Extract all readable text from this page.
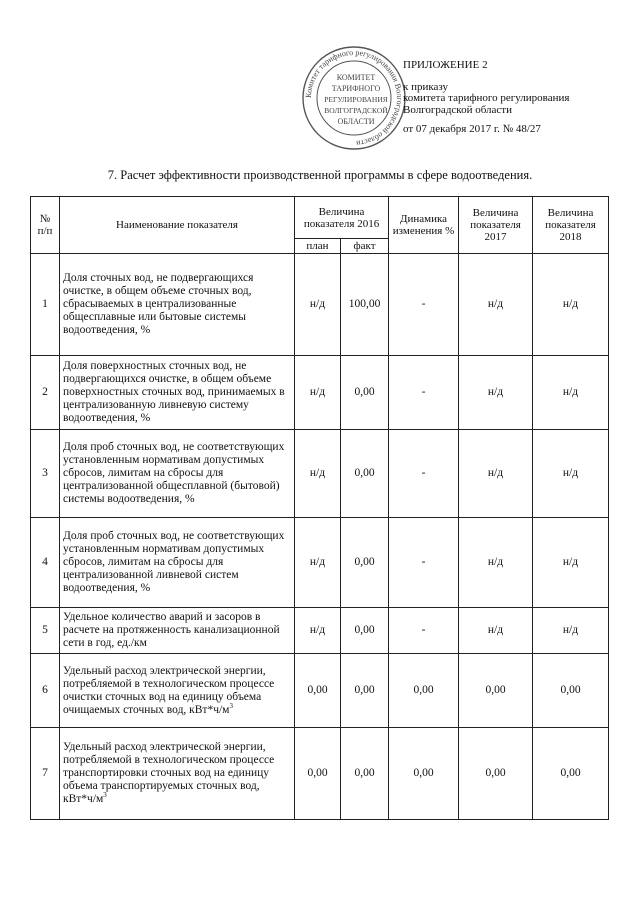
Комитет тарифного регулирования Волгоградской области
КОМИТЕТ
ТАРИФНОГО
РЕГУЛИРОВАНИЯ
ВОЛГОГРАДСКОЙ
ОБЛАСТИ
ПРИЛОЖЕНИЕ 2
к приказу
комитета тарифного регулирования
Волгоградской области
от 07 декабря 2017 г. № 48/27
7. Расчет эффективности производственной программы в сфере водоотведения.
№ п/п	Наименование показателя	Величина показателя 2016		Динамика изменения %	Величина показателя 2017	Величина показателя 2018
		план	факт			
1	Доля сточных вод, не подвергающихся очистке, в общем объеме сточных вод, сбрасываемых в централизованные общесплавные или бытовые системы водоотведения, %	н/д	100,00	-	н/д	н/д
2	Доля поверхностных сточных вод, не подвергающихся очистке, в общем объеме поверхностных сточных вод, принимаемых в централизованную ливневую систему водоотведения, %	н/д	0,00	-	н/д	н/д
3	Доля проб сточных вод, не соответствующих установленным нормативам допустимых сбросов, лимитам на сбросы для централизованной общесплавной (бытовой) системы водоотведения, %	н/д	0,00	-	н/д	н/д
4	Доля проб сточных вод, не соответствующих установленным нормативам допустимых сбросов, лимитам на сбросы для централизованной ливневой систем водоотведения, %	н/д	0,00	-	н/д	н/д
5	Удельное количество аварий и засоров в расчете на протяженность канализационной сети в год, ед./км	н/д	0,00	-	н/д	н/д
6	Удельный расход электрической энергии, потребляемой в технологическом процессе очистки сточных вод на единицу объема очищаемых сточных вод, $кВт*ч/м^3$	0,00	0,00	0,00	0,00	0,00
7	Удельный расход электрической энергии, потребляемой в технологическом процессе транспортировки сточных вод на единицу объема транспортируемых сточных вод, $кВт*ч/м^3$	0,00	0,00	0,00	0,00	0,00
